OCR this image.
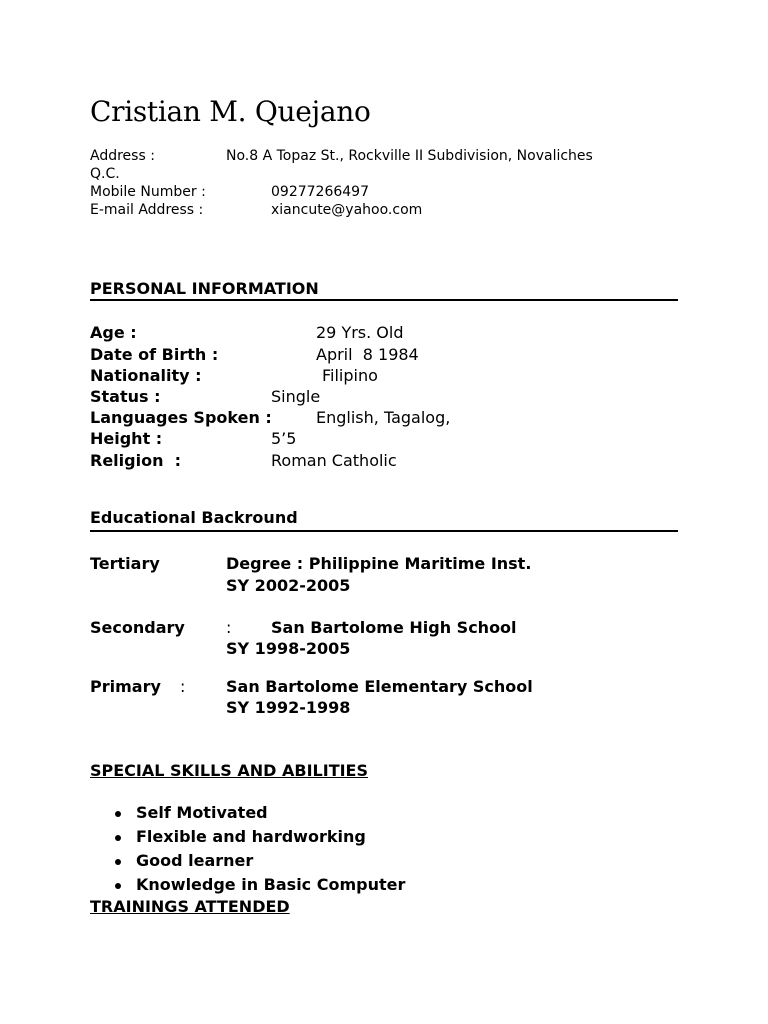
Cristian M. Quejano
Address :	No.8 A Topaz St., Rockville II Subdivision, Novaliches
Q.C.
Mobile Number :	09277266497
E-mail Address :	xiancute@yahoo.com
PERSONAL INFORMATION
Age :	29 Yrs. Old
Date of Birth :	April  8 1984
Nationality :	Filipino
Status :	Single
Languages Spoken :	English, Tagalog,
Height :	5’5
Religion  :	Roman Catholic
Educational Backround
Tertiary	Degree : Philippine Maritime Inst.
SY 2002-2005
Secondary	: San Bartolome High School
SY 1998-2005
Primary :	San Bartolome Elementary School
SY 1992-1998
SPECIAL SKILLS AND ABILITIES
Self Motivated
Flexible and hardworking
Good learner
Knowledge in Basic Computer
TRAININGS ATTENDED
